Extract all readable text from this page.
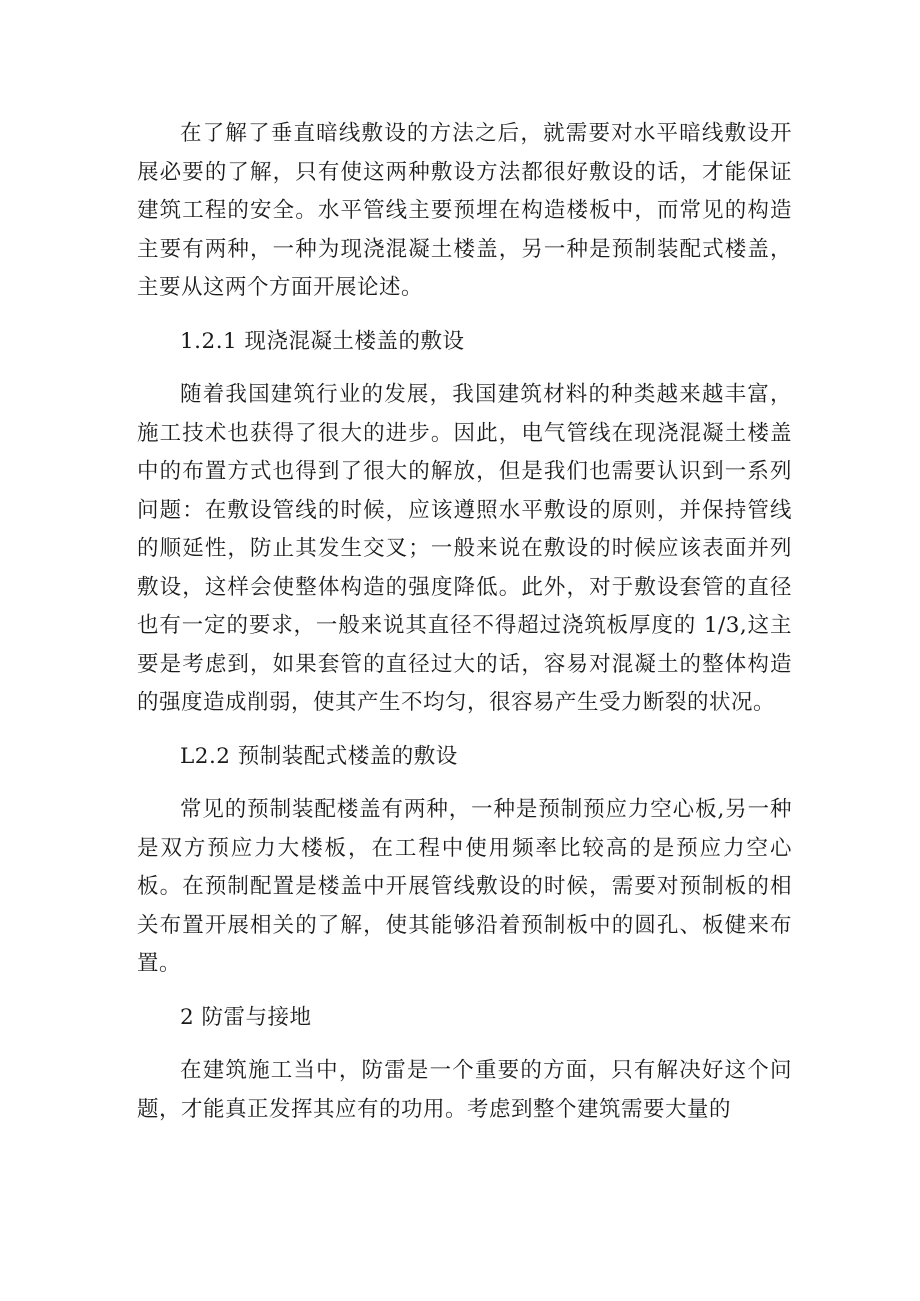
在了解了垂直暗线敷设的方法之后，就需要对水平暗线敷设开展必要的了解，只有使这两种敷设方法都很好敷设的话，才能保证建筑工程的安全。水平管线主要预埋在构造楼板中，而常见的构造主要有两种，一种为现浇混凝土楼盖，另一种是预制装配式楼盖，主要从这两个方面开展论述。

1.2.1 现浇混凝土楼盖的敷设

随着我国建筑行业的发展，我国建筑材料的种类越来越丰富，施工技术也获得了很大的进步。因此，电气管线在现浇混凝土楼盖中的布置方式也得到了很大的解放，但是我们也需要认识到一系列问题：在敷设管线的时候，应该遵照水平敷设的原则，并保持管线的顺延性，防止其发生交叉；一般来说在敷设的时候应该表面并列敷设，这样会使整体构造的强度降低。此外，对于敷设套管的直径也有一定的要求，一般来说其直径不得超过浇筑板厚度的 1/3,这主要是考虑到，如果套管的直径过大的话，容易对混凝土的整体构造的强度造成削弱，使其产生不均匀，很容易产生受力断裂的状况。

L2.2 预制装配式楼盖的敷设

常见的预制装配楼盖有两种，一种是预制预应力空心板,另一种是双方预应力大楼板，在工程中使用频率比较高的是预应力空心板。在预制配置是楼盖中开展管线敷设的时候，需要对预制板的相关布置开展相关的了解，使其能够沿着预制板中的圆孔、板健来布置。

2 防雷与接地

在建筑施工当中，防雷是一个重要的方面，只有解决好这个问题，才能真正发挥其应有的功用。考虑到整个建筑需要大量的
